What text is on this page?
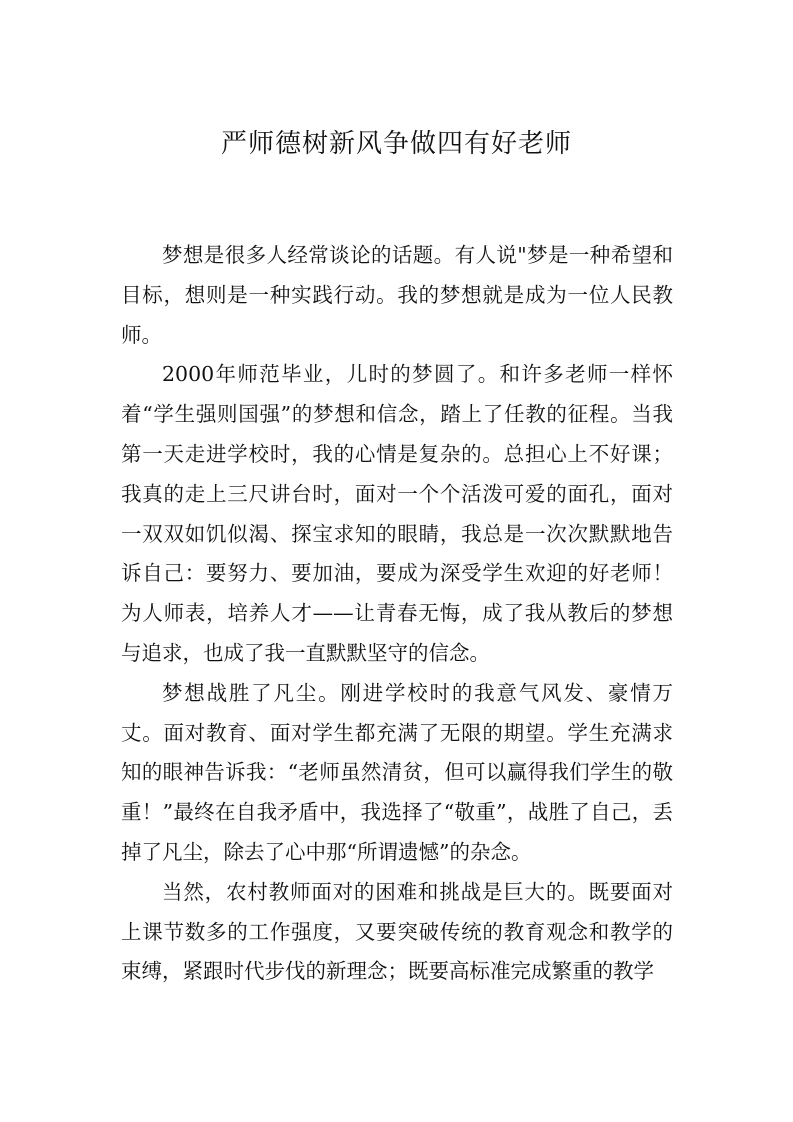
严师德树新风争做四有好老师

梦想是很多人经常谈论的话题。有人说"梦是一种希望和目标，想则是一种实践行动。我的梦想就是成为一位人民教师。

2000年师范毕业，儿时的梦圆了。和许多老师一样怀着“学生强则国强”的梦想和信念，踏上了任教的征程。当我第一天走进学校时，我的心情是复杂的。总担心上不好课；我真的走上三尺讲台时，面对一个个活泼可爱的面孔，面对一双双如饥似渴、探宝求知的眼睛，我总是一次次默默地告诉自己：要努力、要加油，要成为深受学生欢迎的好老师！为人师表，培养人才——让青春无悔，成了我从教后的梦想与追求，也成了我一直默默坚守的信念。

梦想战胜了凡尘。刚进学校时的我意气风发、豪情万丈。面对教育、面对学生都充满了无限的期望。学生充满求知的眼神告诉我：“老师虽然清贫，但可以赢得我们学生的敬重！”最终在自我矛盾中，我选择了“敬重”，战胜了自己，丢掉了凡尘，除去了心中那“所谓遗憾”的杂念。

当然，农村教师面对的困难和挑战是巨大的。既要面对上课节数多的工作强度，又要突破传统的教育观念和教学的束缚，紧跟时代步伐的新理念；既要高标准完成繁重的教学
